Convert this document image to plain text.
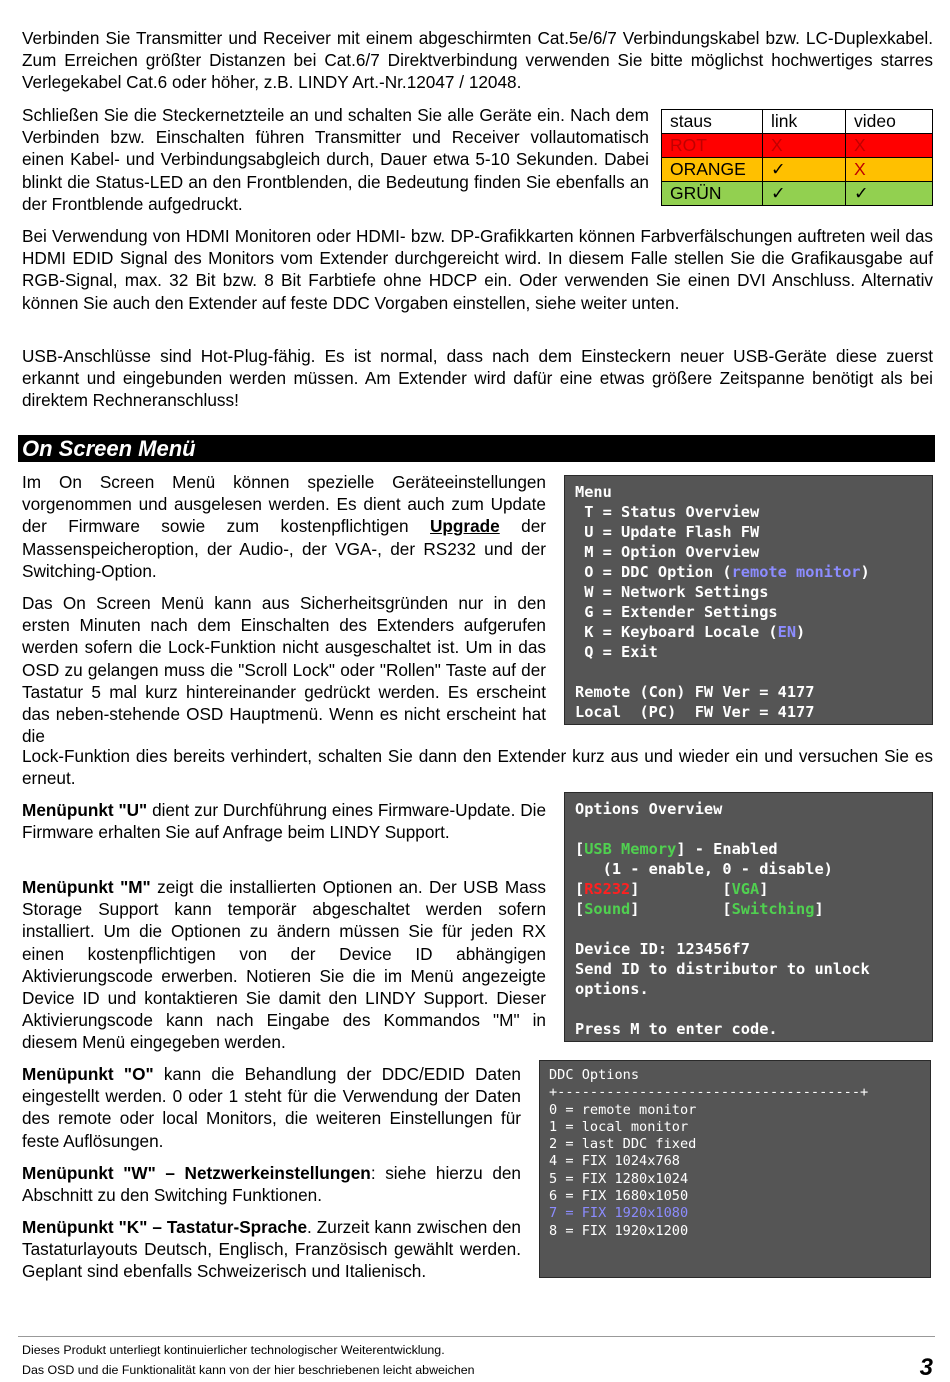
Verbinden Sie Transmitter und Receiver mit einem abgeschirmten Cat.5e/6/7 Verbindungskabel bzw. LC-Duplexkabel. Zum Erreichen größter Distanzen bei Cat.6/7 Direktverbindung verwenden Sie bitte möglichst hochwertiges starres Verlegekabel Cat.6 oder höher, z.B. LINDY Art.-Nr.12047 / 12048.

Schließen Sie die Steckernetzteile an und schalten Sie alle Geräte ein. Nach dem Verbinden bzw. Einschalten führen Transmitter und Receiver vollautomatisch einen Kabel- und Verbindungsabgleich durch, Dauer etwa 5-10 Sekunden. Dabei blinkt die Status-LED an den Frontblenden, die Bedeutung finden Sie ebenfalls an der Frontblende aufgedruckt.

staus	link	video
ROT	X	X
ORANGE	✓	X
GRÜN	✓	✓

Bei Verwendung von HDMI Monitoren oder HDMI- bzw. DP-Grafikkarten können Farbverfälschungen auftreten weil das HDMI EDID Signal des Monitors vom Extender durchgereicht wird. In diesem Falle stellen Sie die Grafikausgabe auf RGB-Signal, max. 32 Bit bzw. 8 Bit Farbtiefe ohne HDCP ein. Oder verwenden Sie einen DVI Anschluss. Alternativ können Sie auch den Extender auf feste DDC Vorgaben einstellen, siehe weiter unten.

USB-Anschlüsse sind Hot-Plug-fähig. Es ist normal, dass nach dem Einsteckern neuer USB-Geräte diese zuerst erkannt und eingebunden werden müssen. Am Extender wird dafür eine etwas größere Zeitspanne benötigt als bei direktem Rechneranschluss!

On Screen Menü

Im On Screen Menü können spezielle Geräteeinstellungen vorgenommen und ausgelesen werden. Es dient auch zum Update der Firmware sowie zum kostenpflichtigen Upgrade der Massenspeicheroption, der Audio-, der VGA-, der RS232 und der Switching-Option.

Das On Screen Menü kann aus Sicherheitsgründen nur in den ersten Minuten nach dem Einschalten des Extenders aufgerufen werden sofern die Lock-Funktion nicht ausgeschaltet ist. Um in das OSD zu gelangen muss die "Scroll Lock" oder "Rollen" Taste auf der Tastatur 5 mal kurz hintereinander gedrückt werden. Es erscheint das neben-stehende OSD Hauptmenü. Wenn es nicht erscheint hat die

Lock-Funktion dies bereits verhindert, schalten Sie dann den Extender kurz aus und wieder ein und versuchen Sie es erneut.

Menu
T = Status Overview
U = Update Flash FW
M = Option Overview
O = DDC Option (remote monitor)
W = Network Settings
G = Extender Settings
K = Keyboard Locale (EN)
Q = Exit

Remote (Con) FW Ver = 4177
Local  (PC)  FW Ver = 4177

Menüpunkt "U" dient zur Durchführung eines Firmware-Update. Die Firmware erhalten Sie auf Anfrage beim LINDY Support.

Menüpunkt "M" zeigt die installierten Optionen an. Der USB Mass Storage Support kann temporär abgeschaltet werden sofern installiert. Um die Optionen zu ändern müssen Sie für jeden RX einen kostenpflichtigen von der Device ID abhängigen Aktivierungscode erwerben. Notieren Sie die im Menü angezeigte Device ID und kontaktieren Sie damit den LINDY Support. Dieser Aktivierungscode kann nach Eingabe des Kommandos "M" in diesem Menü eingegeben werden.

Options Overview

[USB Memory] - Enabled
(1 - enable, 0 - disable)
[RS232]         [VGA]
[Sound]         [Switching]

Device ID: 123456f7
Send ID to distributor to unlock
options.

Press M to enter code.

Menüpunkt "O" kann die Behandlung der DDC/EDID Daten eingestellt werden. 0 oder 1 steht für die Verwendung der Daten des remote oder local Monitors, die weiteren Einstellungen für feste Auflösungen.

Menüpunkt "W" – Netzwerkeinstellungen: siehe hierzu den Abschnitt zu den Switching Funktionen.

Menüpunkt "K" – Tastatur-Sprache. Zurzeit kann zwischen den Tastaturlayouts Deutsch, Englisch, Französisch gewählt werden. Geplant sind ebenfalls Schweizerisch und Italienisch.

DDC Options
+-------------------------------------+
0 = remote monitor
1 = local monitor
2 = last DDC fixed
4 = FIX 1024x768
5 = FIX 1280x1024
6 = FIX 1680x1050
7 = FIX 1920x1080
8 = FIX 1920x1200
Dieses Produkt unterliegt kontinuierlicher technologischer Weiterentwicklung.
Das OSD und die Funktionalität kann von der hier beschriebenen leicht abweichen	3
